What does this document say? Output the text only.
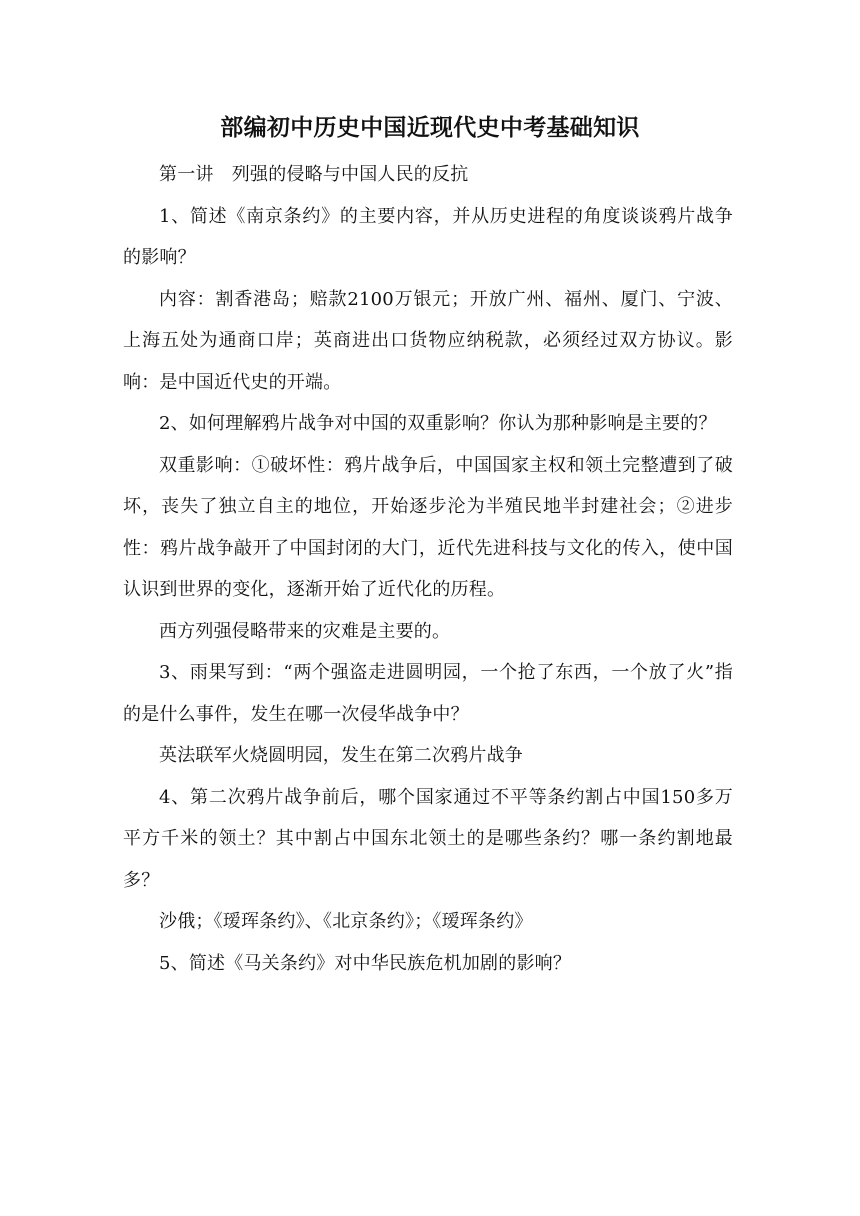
部编初中历史中国近现代史中考基础知识

第一讲　列强的侵略与中国人民的反抗

1、简述《南京条约》的主要内容，并从历史进程的角度谈谈鸦片战争的影响？

内容：割香港岛；赔款2100万银元；开放广州、福州、厦门、宁波、上海五处为通商口岸；英商进出口货物应纳税款，必须经过双方协议。影响：是中国近代史的开端。

2、如何理解鸦片战争对中国的双重影响？你认为那种影响是主要的？

双重影响：①破坏性：鸦片战争后，中国国家主权和领土完整遭到了破坏，丧失了独立自主的地位，开始逐步沦为半殖民地半封建社会；②进步性：鸦片战争敲开了中国封闭的大门，近代先进科技与文化的传入，使中国认识到世界的变化，逐渐开始了近代化的历程。

西方列强侵略带来的灾难是主要的。

3、雨果写到：“两个强盗走进圆明园，一个抢了东西，一个放了火”指的是什么事件，发生在哪一次侵华战争中？

英法联军火烧圆明园，发生在第二次鸦片战争

4、第二次鸦片战争前后，哪个国家通过不平等条约割占中国150多万平方千米的领土？其中割占中国东北领土的是哪些条约？哪一条约割地最多？

沙俄；《瑷珲条约》、《北京条约》；《瑷珲条约》

5、简述《马关条约》对中华民族危机加剧的影响？
